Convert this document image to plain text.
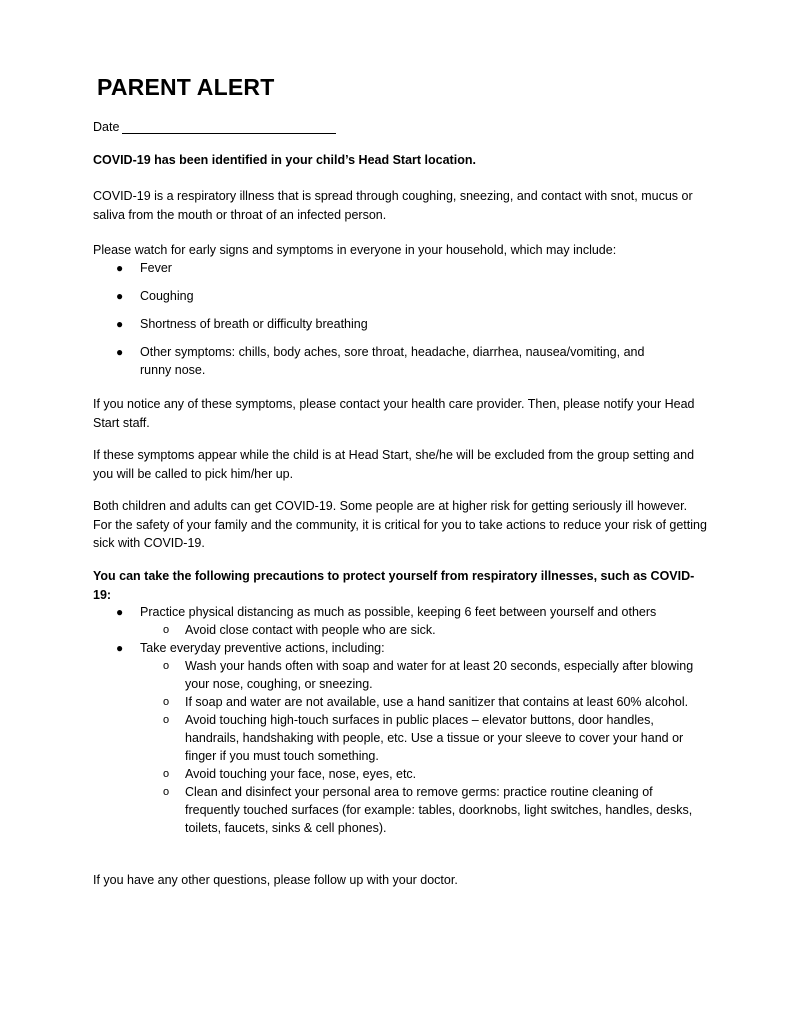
PARENT ALERT
Date

COVID-19 has been identified in your child’s Head Start location.

COVID-19 is a respiratory illness that is spread through coughing, sneezing, and contact with snot, mucus or saliva from the mouth or throat of an infected person.

Please watch for early signs and symptoms in everyone in your household, which may include:

● Fever
● Coughing
● Shortness of breath or difficulty breathing
● Other symptoms: chills, body aches, sore throat, headache, diarrhea, nausea/vomiting, and runny nose.

If you notice any of these symptoms, please contact your health care provider. Then, please notify your Head Start staff.

If these symptoms appear while the child is at Head Start, she/he will be excluded from the group setting and you will be called to pick him/her up.

Both children and adults can get COVID-19. Some people are at higher risk for getting seriously ill however. For the safety of your family and the community, it is critical for you to take actions to reduce your risk of getting sick with COVID-19.

You can take the following precautions to protect yourself from respiratory illnesses, such as COVID-19:

● Practice physical distancing as much as possible, keeping 6 feet between yourself and others
o Avoid close contact with people who are sick.
● Take everyday preventive actions, including:
o Wash your hands often with soap and water for at least 20 seconds, especially after blowing your nose, coughing, or sneezing.
o If soap and water are not available, use a hand sanitizer that contains at least 60% alcohol.
o Avoid touching high-touch surfaces in public places – elevator buttons, door handles, handrails, handshaking with people, etc. Use a tissue or your sleeve to cover your hand or finger if you must touch something.
o Avoid touching your face, nose, eyes, etc.
o Clean and disinfect your personal area to remove germs: practice routine cleaning of frequently touched surfaces (for example: tables, doorknobs, light switches, handles, desks, toilets, faucets, sinks & cell phones).

If you have any other questions, please follow up with your doctor.
